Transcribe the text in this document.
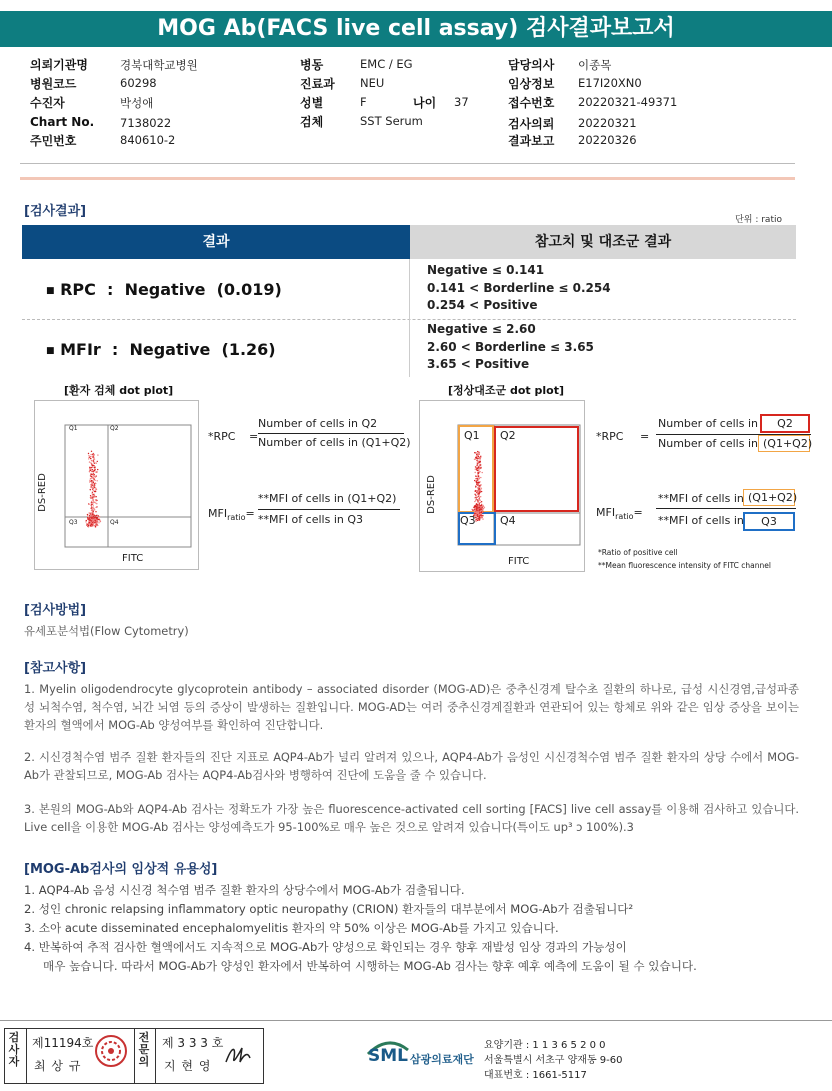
MOG Ab(FACS live cell assay) 검사결과보고서
의뢰기관명	경북대학교병원
병원코드	60298
수진자	박성애
Chart No. 7138022
주민번호	840610-2
병동	EMC / EG
진료과 NEU
성별	F	나이 37
검체	SST Serum
담당의사 이종목
임상정보 E17I20XN0
접수번호 20220321-49371
검사의뢰 20220321
결과보고 20220326
[검사결과]
단위 : ratio
결과	참고치 및 대조군 결과
■ RPC  :  Negative  (0.019)
Negative ≤ 0.141
0.141 < Borderline ≤ 0.254
0.254 < Positive
■ MFIr  :  Negative  (1.26)
Negative ≤ 2.60
2.60 < Borderline ≤ 3.65
3.65 < Positive
[환자 검체 dot plot]	[정상대조군 dot plot]
Q1	Q2
Q3	Q4
DS-RED
FITC
*RPC =
Number of cells in Q2
Number of cells in (Q1+Q2)
$MFI_{ratio}=$
**MFI of cells in (Q1+Q2)
**MFI of cells in Q3
Q1 Q2
Q3 Q4
DS-RED
FITC
*RPC =
Number of cells in	Q2
Number of cells in (Q1+Q2)
$MFI_{ratio}=$
**MFI of cells in (Q1+Q2)
**MFI of cells in	Q3
*Ratio of positive cell
**Mean fluorescence intensity of FITC channel
[검사방법]
유세포분석법(Flow Cytometry)
[참고사항]
1. Myelin oligodendrocyte glycoprotein antibody – associated disorder (MOG-AD)은 중추신경계 탈수초 질환의 하나로, 급성 시신경염,급성파종성 뇌척수염, 척수염, 뇌간 뇌염 등의 증상이 발생하는 질환입니다. MOG-AD는 여러 중추신경계질환과 연관되어 있는 항체로 위와 같은 임상 증상을 보이는 환자의 혈액에서 MOG-Ab 양성여부를 확인하여 진단합니다.
2. 시신경척수염 범주 질환 환자들의 진단 지표로 AQP4-Ab가 널리 알려져 있으나, AQP4-Ab가 음성인 시신경척수염 범주 질환 환자의 상당 수에서 MOG-Ab가 관찰되므로, MOG-Ab 검사는 AQP4-Ab검사와 병행하여 진단에 도움을 줄 수 있습니다.
3. 본원의 MOG-Ab와 AQP4-Ab 검사는 정확도가 가장 높은 fluorescence-activated cell sorting [FACS] live cell assay를 이용해 검사하고 있습니다. Live cell을 이용한 MOG-Ab 검사는 양성예측도가 95-100%로 매우 높은 것으로 알려져 있습니다(특이도 up³ ɔ 100%).3
[MOG-Ab검사의 임상적 유용성]
1. AQP4-Ab 음성 시신경 척수염 범주 질환 환자의 상당수에서 MOG-Ab가 검출됩니다.
2. 성인 chronic relapsing inflammatory optic neuropathy (CRION) 환자들의 대부분에서 MOG-Ab가 검출됩니다²
3. 소아 acute disseminated encephalomyelitis 환자의 약 50% 이상은 MOG-Ab를 가지고 있습니다.
4. 반복하여 추적 검사한 혈액에서도 지속적으로 MOG-Ab가 양성으로 확인되는 경우 향후 재발성 임상 경과의 가능성이
매우 높습니다. 따라서 MOG-Ab가 양성인 환자에서 반복하여 시행하는 MOG-Ab 검사는 향후 예후 예측에 도움이 될 수 있습니다.
검사자
제11194호
최 상 규
전문의
제 3 3 3 호
지 현 영	SML 삼광의료재단
요양기관 : 1 1 3 6 5 2 0 0
서울특별시 서초구 양재동 9-60
대표번호 : 1661-5117
